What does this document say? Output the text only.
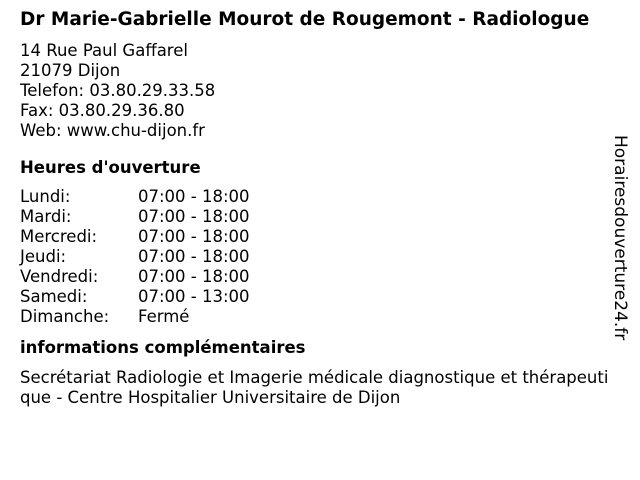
Dr Marie-Gabrielle Mourot de Rougemont - Radiologue
14 Rue Paul Gaffarel
21079 Dijon
Telefon: 03.80.29.33.58
Fax: 03.80.29.36.80
Web: www.chu-dijon.fr
Heures d'ouverture
Lundi:	07:00 - 18:00
Mardi:	07:00 - 18:00
Mercredi:	07:00 - 18:00
Jeudi:	07:00 - 18:00
Vendredi:	07:00 - 18:00
Samedi:	07:00 - 13:00
Dimanche:	Fermé
informations complémentaires
Secrétariat Radiologie et Imagerie médicale diagnostique et thérapeutique - Centre Hospitalier Universitaire de Dijon
Horairesdouverture24.fr
